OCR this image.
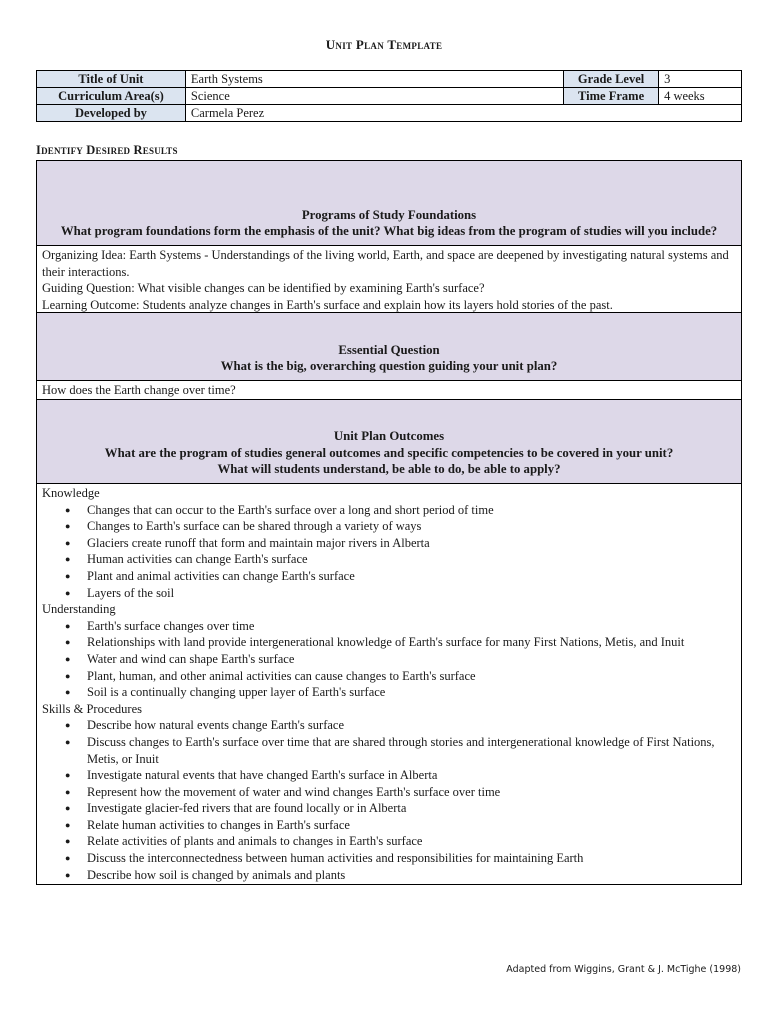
Unit Plan Template
Title of Unit	Earth Systems	Grade Level	3
Curriculum Area(s)	Science	Time Frame	4 weeks
Developed by	Carmela Perez		
Identify Desired Results
Programs of Study Foundations
What program foundations form the emphasis of the unit? What big ideas from the program of studies will you include?

Organizing Idea: Earth Systems - Understandings of the living world, Earth, and space are deepened by investigating natural systems and their interactions.

Guiding Question: What visible changes can be identified by examining Earth's surface?

Learning Outcome: Students analyze changes in Earth's surface and explain how its layers hold stories of the past.

Essential Question
What is the big, overarching question guiding your unit plan?

How does the Earth change over time?

Unit Plan Outcomes
What are the program of studies general outcomes and specific competencies to be covered in your unit?
What will students understand, be able to do, be able to apply?

Knowledge

● Changes that can occur to the Earth's surface over a long and short period of time
● Changes to Earth's surface can be shared through a variety of ways
● Glaciers create runoff that form and maintain major rivers in Alberta
● Human activities can change Earth's surface
● Plant and animal activities can change Earth's surface
● Layers of the soil

Understanding

● Earth's surface changes over time
● Relationships with land provide intergenerational knowledge of Earth's surface for many First Nations, Metis, and Inuit
● Water and wind can shape Earth's surface
● Plant, human, and other animal activities can cause changes to Earth's surface
● Soil is a continually changing upper layer of Earth's surface

Skills & Procedures

● Describe how natural events change Earth's surface
● Discuss changes to Earth's surface over time that are shared through stories and intergenerational knowledge of First Nations, Metis, or Inuit
● Investigate natural events that have changed Earth's surface in Alberta
● Represent how the movement of water and wind changes Earth's surface over time
● Investigate glacier-fed rivers that are found locally or in Alberta
● Relate human activities to changes in Earth's surface
● Relate activities of plants and animals to changes in Earth's surface
● Discuss the interconnectedness between human activities and responsibilities for maintaining Earth
● Describe how soil is changed by animals and plants
Adapted from Wiggins, Grant & J. McTighe (1998)
